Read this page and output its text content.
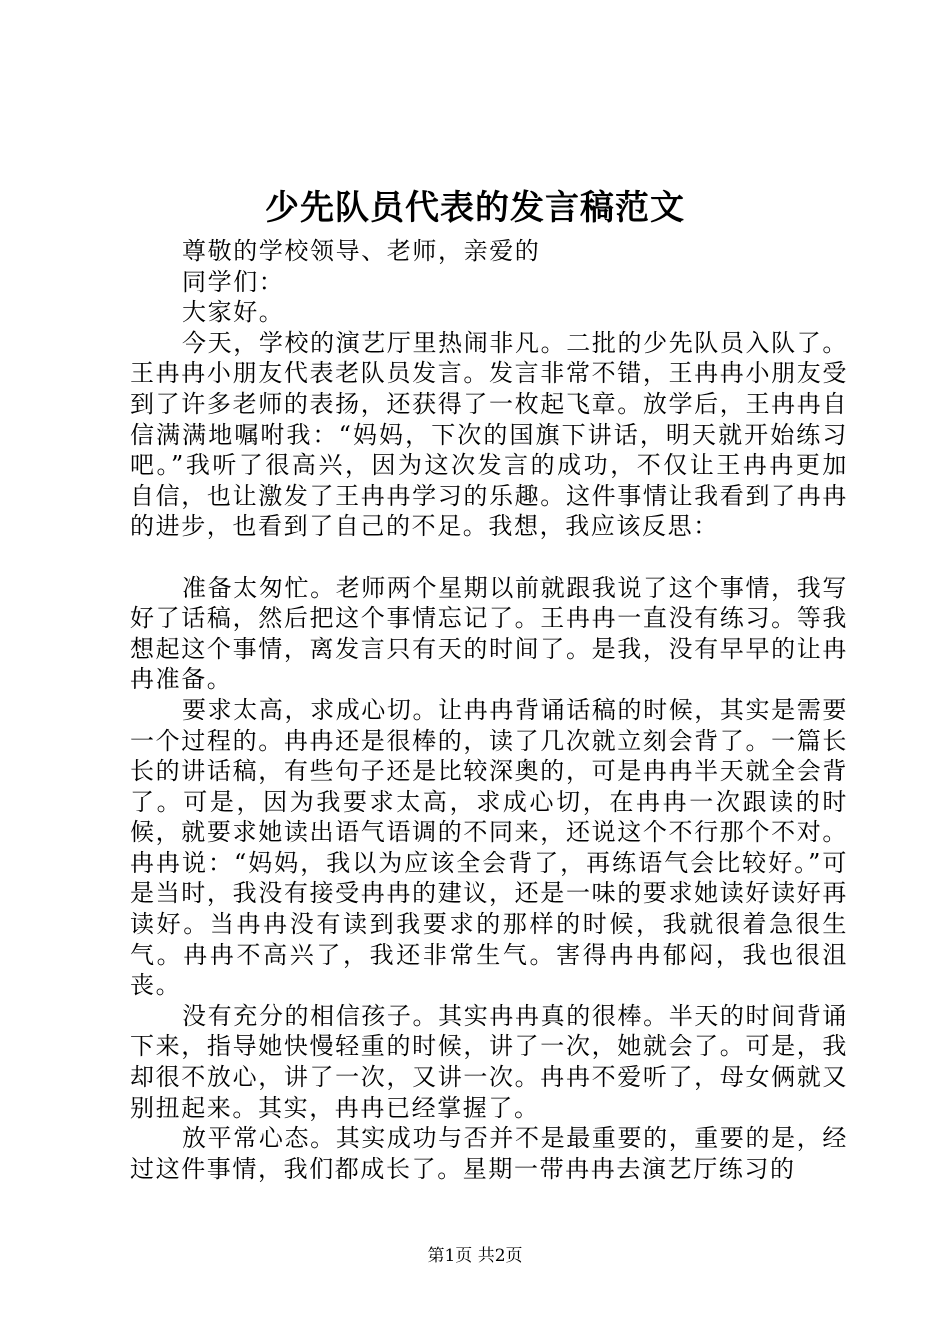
少先队员代表的发言稿范文

尊敬的学校领导、老师，亲爱的

同学们：

大家好。

今天，学校的演艺厅里热闹非凡。二批的少先队员入队了。王冉冉小朋友代表老队员发言。发言非常不错，王冉冉小朋友受到了许多老师的表扬，还获得了一枚起飞章。放学后，王冉冉自信满满地嘱咐我：“妈妈，下次的国旗下讲话，明天就开始练习吧。”我听了很高兴，因为这次发言的成功，不仅让王冉冉更加自信，也让激发了王冉冉学习的乐趣。这件事情让我看到了冉冉的进步，也看到了自己的不足。我想，我应该反思：

准备太匆忙。老师两个星期以前就跟我说了这个事情，我写好了话稿，然后把这个事情忘记了。王冉冉一直没有练习。等我想起这个事情，离发言只有天的时间了。是我，没有早早的让冉冉准备。

要求太高，求成心切。让冉冉背诵话稿的时候，其实是需要一个过程的。冉冉还是很棒的，读了几次就立刻会背了。一篇长长的讲话稿，有些句子还是比较深奥的，可是冉冉半天就全会背了。可是，因为我要求太高，求成心切，在冉冉一次跟读的时候，就要求她读出语气语调的不同来，还说这个不行那个不对。冉冉说：“妈妈，我以为应该全会背了，再练语气会比较好。”可是当时，我没有接受冉冉的建议，还是一味的要求她读好读好再读好。当冉冉没有读到我要求的那样的时候，我就很着急很生气。冉冉不高兴了，我还非常生气。害得冉冉郁闷，我也很沮丧。

没有充分的相信孩子。其实冉冉真的很棒。半天的时间背诵下来，指导她快慢轻重的时候，讲了一次，她就会了。可是，我却很不放心，讲了一次，又讲一次。冉冉不爱听了，母女俩就又别扭起来。其实，冉冉已经掌握了。

放平常心态。其实成功与否并不是最重要的，重要的是，经过这件事情，我们都成长了。星期一带冉冉去演艺厅练习的

第1页 共2页
